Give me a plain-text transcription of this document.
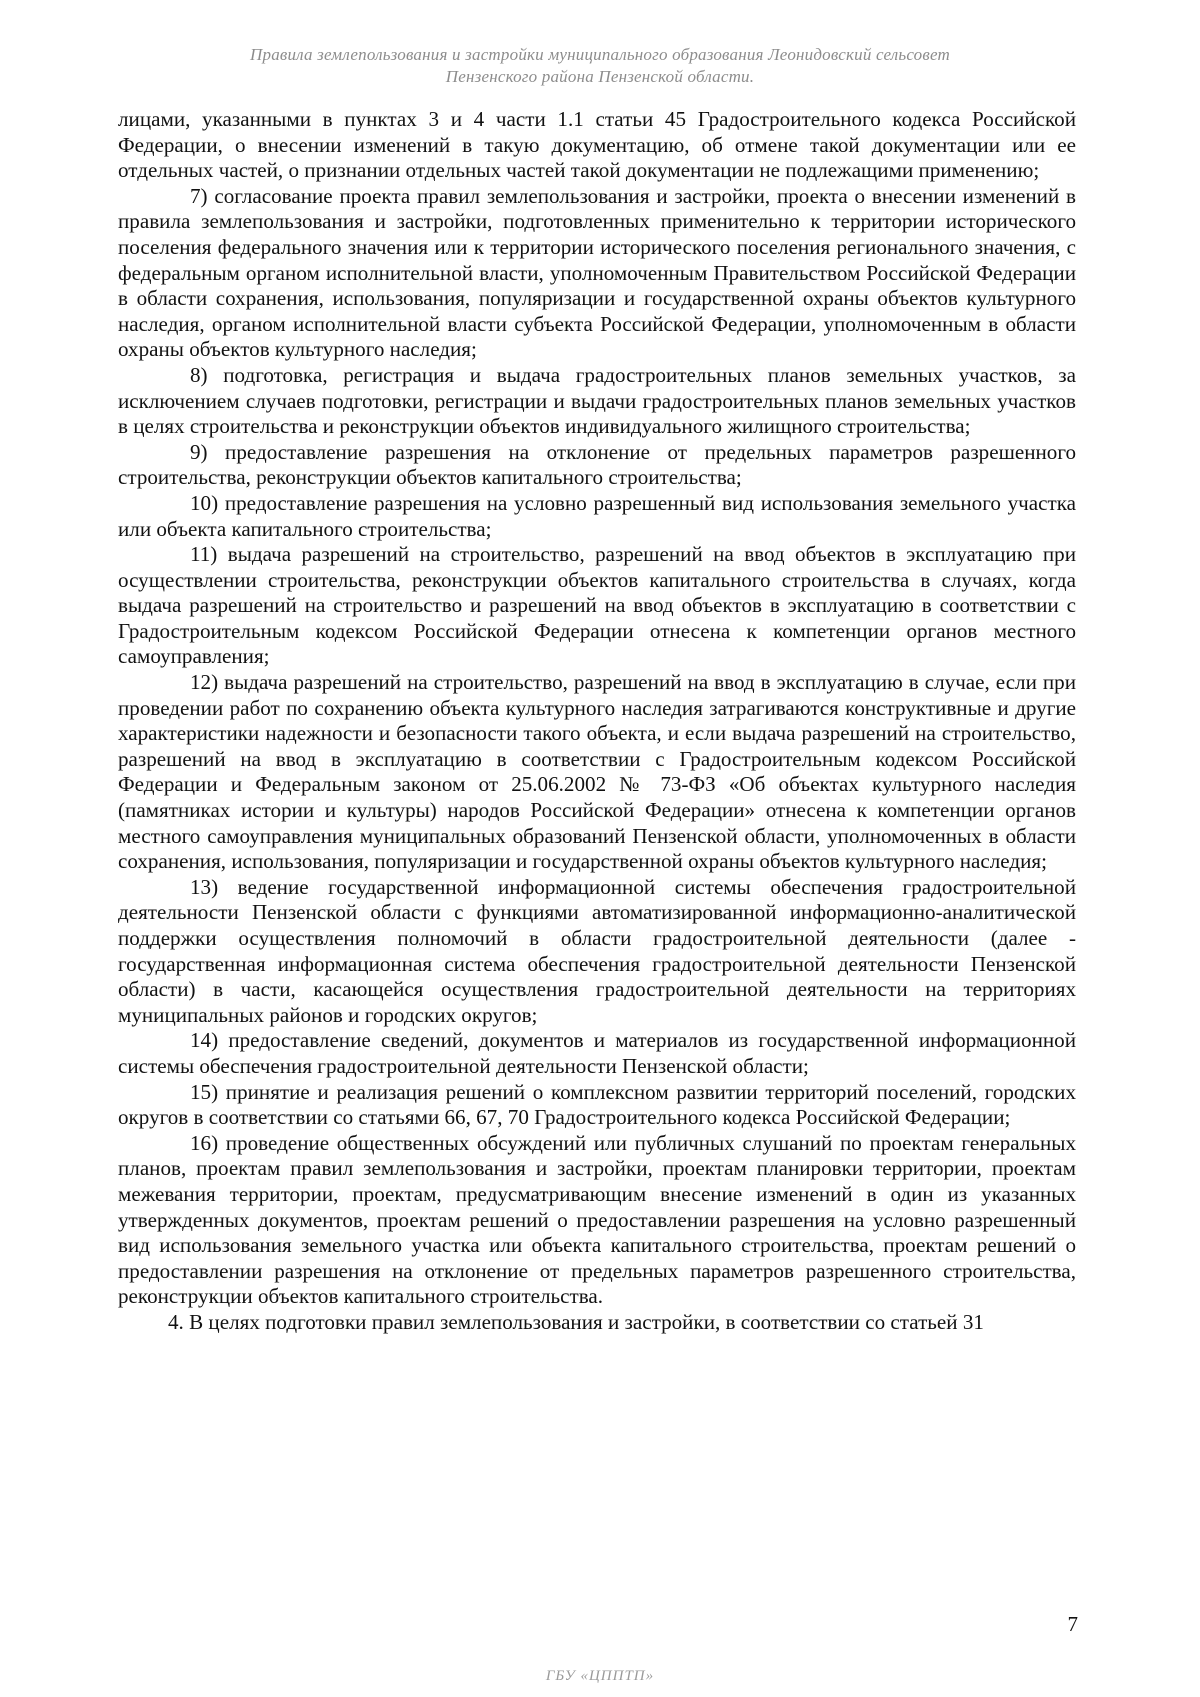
Правила землепользования и застройки муниципального образования Леонидовский сельсовет
Пензенского района Пензенской области.

лицами, указанными в пунктах 3 и 4 части 1.1 статьи 45 Градостроительного кодекса Российской Федерации, о внесении изменений в такую документацию, об отмене такой документации или ее отдельных частей, о признании отдельных частей такой документации не подлежащими применению;

7) согласование проекта правил землепользования и застройки, проекта о внесении изменений в правила землепользования и застройки, подготовленных применительно к территории исторического поселения федерального значения или к территории исторического поселения регионального значения, с федеральным органом исполнительной власти, уполномоченным Правительством Российской Федерации в области сохранения, использования, популяризации и государственной охраны объектов культурного наследия, органом исполнительной власти субъекта Российской Федерации, уполномоченным в области охраны объектов культурного наследия;

8) подготовка, регистрация и выдача градостроительных планов земельных участков, за исключением случаев подготовки, регистрации и выдачи градостроительных планов земельных участков в целях строительства и реконструкции объектов индивидуального жилищного строительства;

9) предоставление разрешения на отклонение от предельных параметров разрешенного строительства, реконструкции объектов капитального строительства;

10) предоставление разрешения на условно разрешенный вид использования земельного участка или объекта капитального строительства;

11) выдача разрешений на строительство, разрешений на ввод объектов в эксплуатацию при осуществлении строительства, реконструкции объектов капитального строительства в случаях, когда выдача разрешений на строительство и разрешений на ввод объектов в эксплуатацию в соответствии с Градостроительным кодексом Российской Федерации отнесена к компетенции органов местного самоуправления;

12) выдача разрешений на строительство, разрешений на ввод в эксплуатацию в случае, если при проведении работ по сохранению объекта культурного наследия затрагиваются конструктивные и другие характеристики надежности и безопасности такого объекта, и если выдача разрешений на строительство, разрешений на ввод в эксплуатацию в соответствии с Градостроительным кодексом Российской Федерации и Федеральным законом от 25.06.2002 № 73-ФЗ «Об объектах культурного наследия (памятниках истории и культуры) народов Российской Федерации» отнесена к компетенции органов местного самоуправления муниципальных образований Пензенской области, уполномоченных в области сохранения, использования, популяризации и государственной охраны объектов культурного наследия;

13) ведение государственной информационной системы обеспечения градостроительной деятельности Пензенской области с функциями автоматизированной информационно-аналитической поддержки осуществления полномочий в области градостроительной деятельности (далее - государственная информационная система обеспечения градостроительной деятельности Пензенской области) в части, касающейся осуществления градостроительной деятельности на территориях муниципальных районов и городских округов;

14) предоставление сведений, документов и материалов из государственной информационной системы обеспечения градостроительной деятельности Пензенской области;

15) принятие и реализация решений о комплексном развитии территорий поселений, городских округов в соответствии со статьями 66, 67, 70 Градостроительного кодекса Российской Федерации;

16) проведение общественных обсуждений или публичных слушаний по проектам генеральных планов, проектам правил землепользования и застройки, проектам планировки территории, проектам межевания территории, проектам, предусматривающим внесение изменений в один из указанных утвержденных документов, проектам решений о предоставлении разрешения на условно разрешенный вид использования земельного участка или объекта капитального строительства, проектам решений о предоставлении разрешения на отклонение от предельных параметров разрешенного строительства, реконструкции объектов капитального строительства.

4. В целях подготовки правил землепользования и застройки, в соответствии со статьей 31

7
ГБУ «ЦППТП»
